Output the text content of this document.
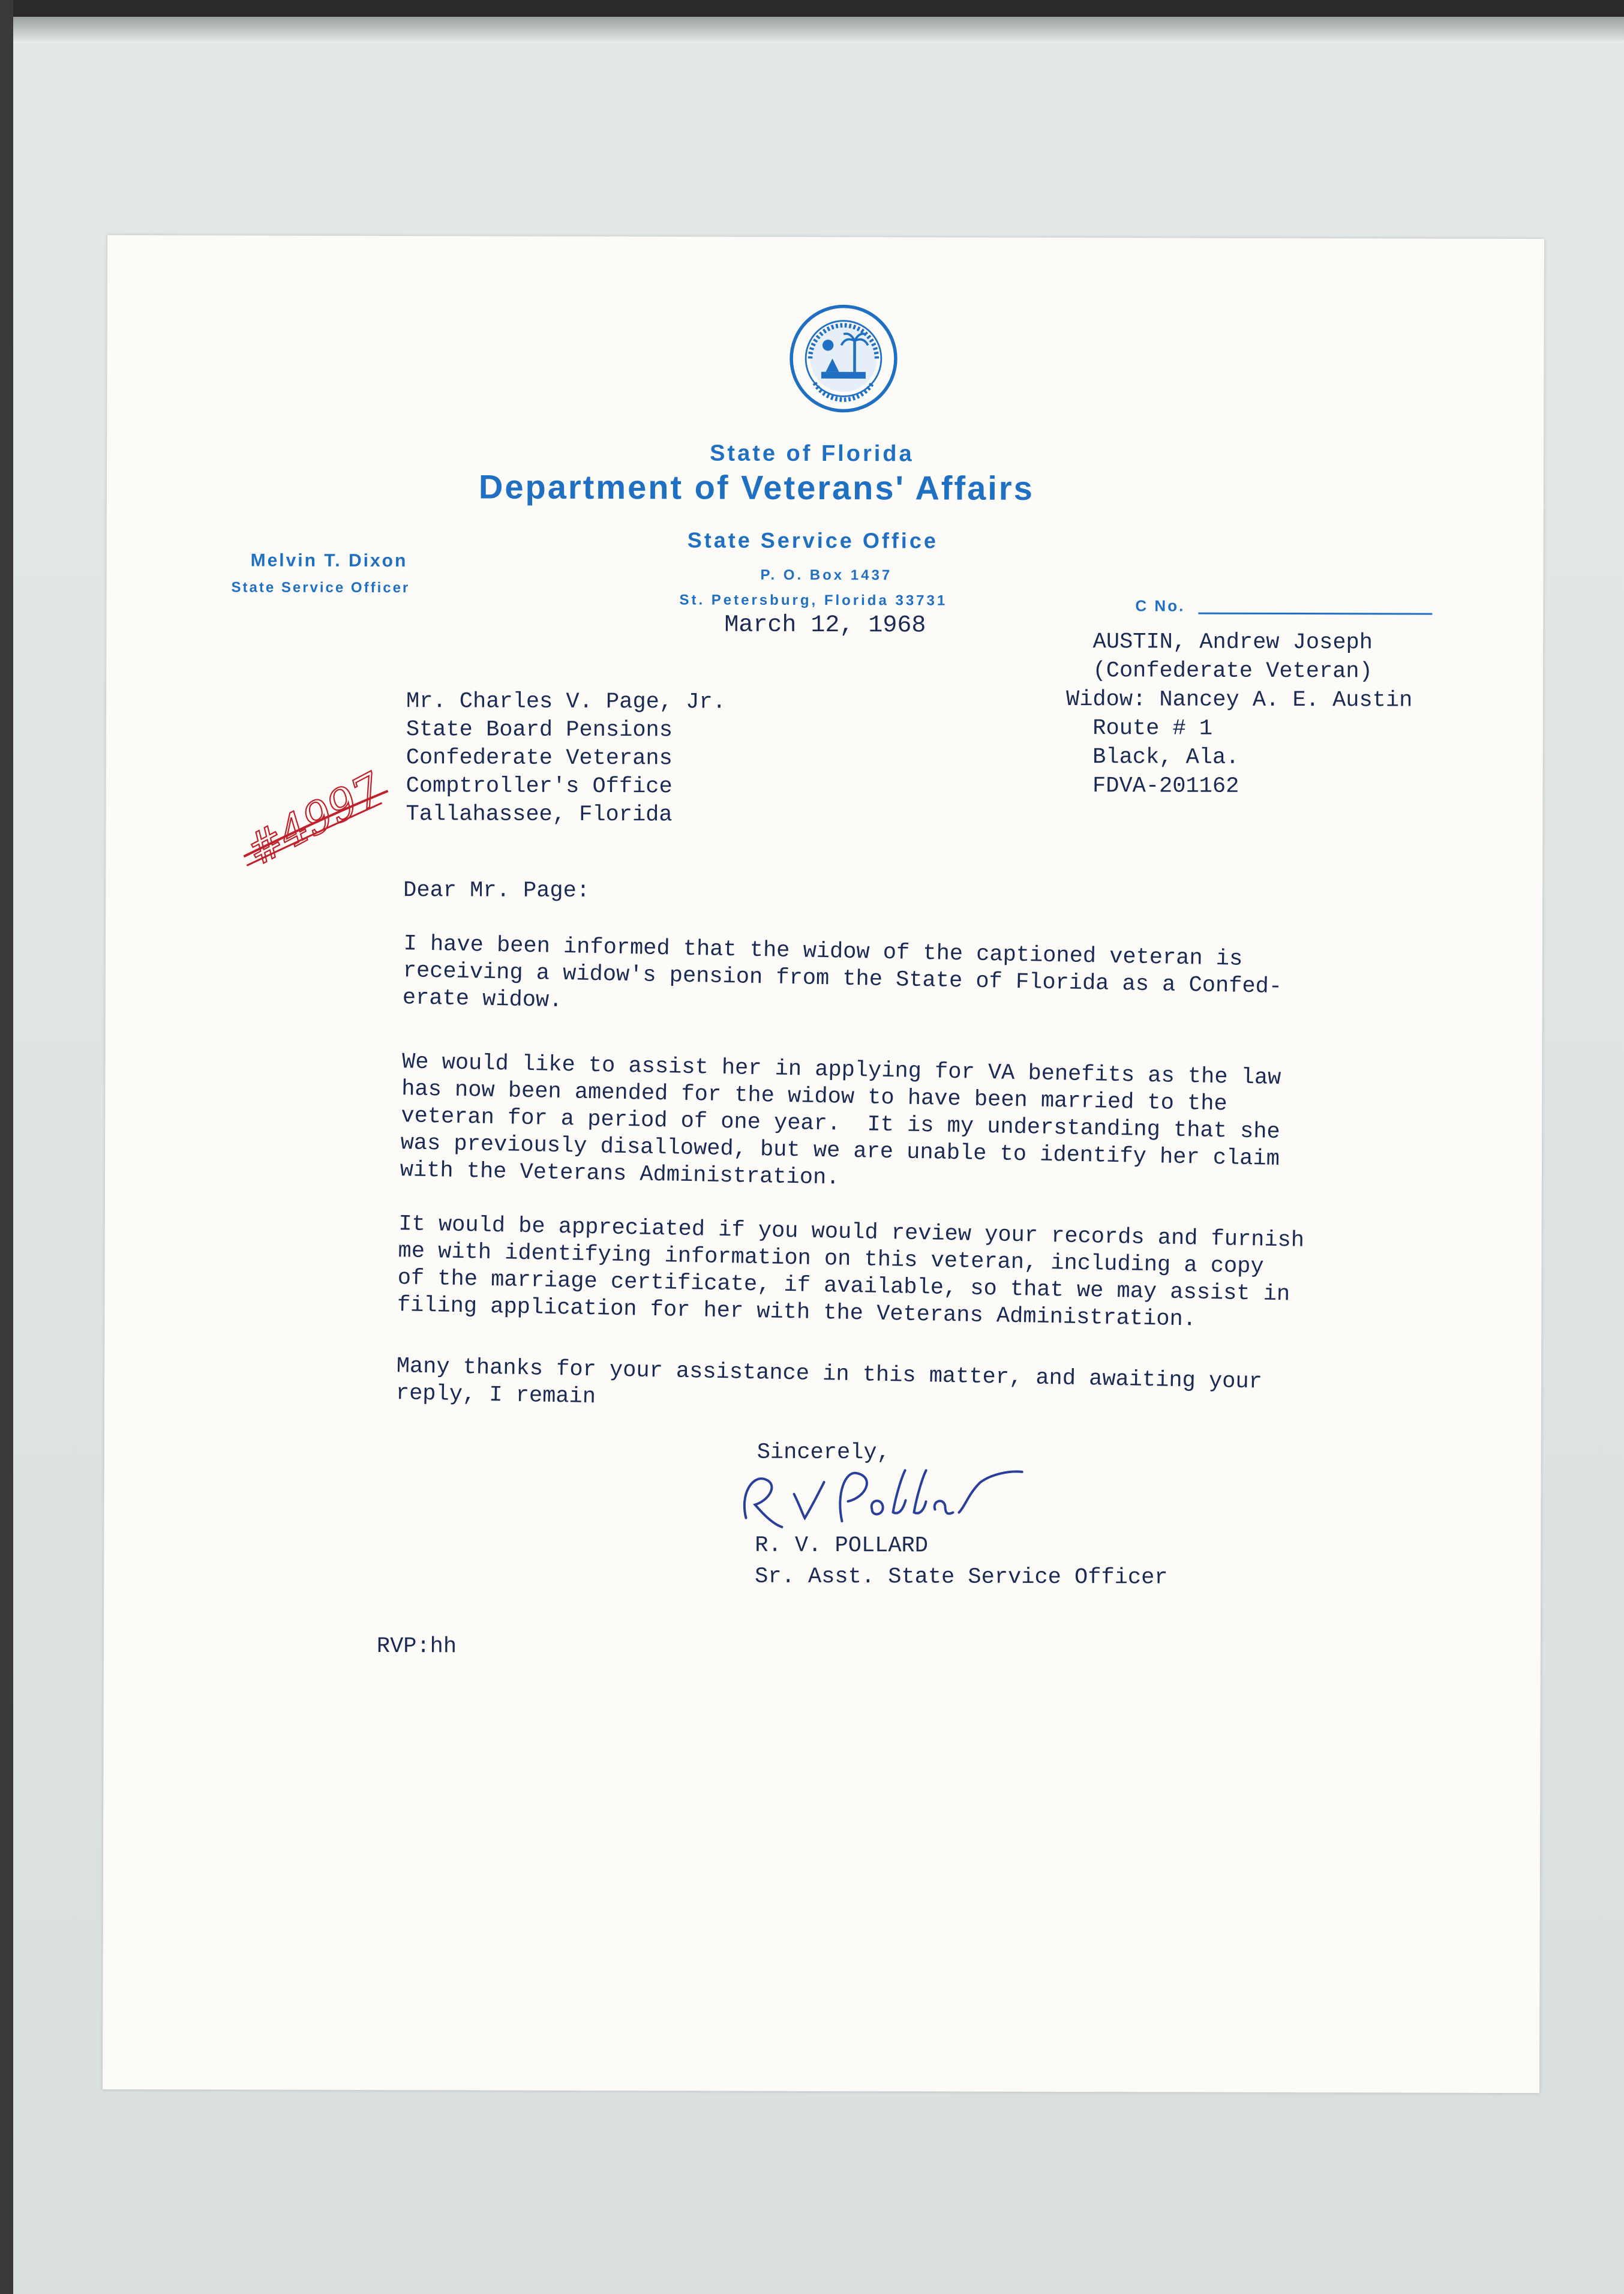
State of Florida
Department of Veterans' Affairs
State Service Office
P. O. Box 1437
St. Petersburg, Florida 33731
Melvin T. Dixon
State Service Officer
C No.
March 12, 1968
AUSTIN, Andrew Joseph
(Confederate Veteran)
Widow: Nancey A. E. Austin
Route # 1
Black, Ala.
FDVA-201162
Mr. Charles V. Page, Jr.
State Board Pensions
Confederate Veterans
Comptroller's Office
Tallahassee, Florida
#4997
Dear Mr. Page:
I have been informed that the widow of the captioned veteran is
receiving a widow's pension from the State of Florida as a Confed-
erate widow.
We would like to assist her in applying for VA benefits as the law
has now been amended for the widow to have been married to the
veteran for a period of one year.  It is my understanding that she
was previously disallowed, but we are unable to identify her claim
with the Veterans Administration.
It would be appreciated if you would review your records and furnish
me with identifying information on this veteran, including a copy
of the marriage certificate, if available, so that we may assist in
filing application for her with the Veterans Administration.
Many thanks for your assistance in this matter, and awaiting your
reply, I remain
Sincerely,
R. V. POLLARD
Sr. Asst. State Service Officer
RVP:hh
